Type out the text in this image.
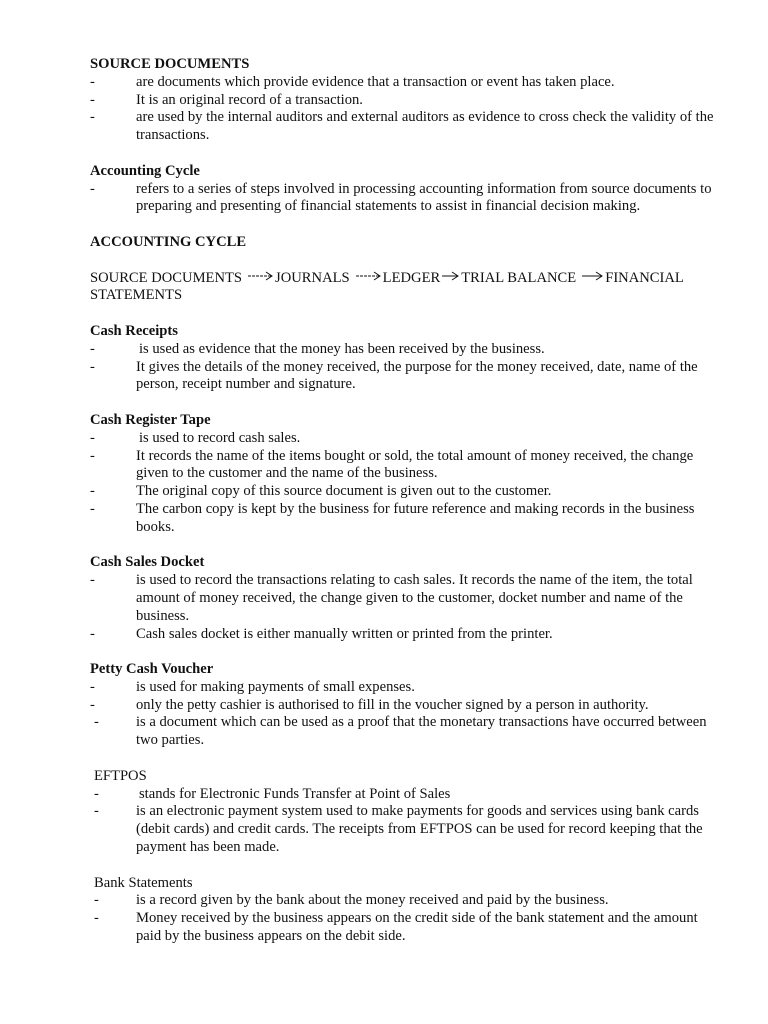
SOURCE DOCUMENTS
-	are documents which provide evidence that a transaction or event has taken place.
-	It is an original record of a transaction.
-	are used by the internal auditors and external auditors as evidence to cross check the validity of the transactions.
Accounting Cycle
-	refers to a series of steps involved in processing accounting information from source documents to preparing and presenting of financial statements to assist in financial decision making.
ACCOUNTING CYCLE
SOURCE DOCUMENTS JOURNALS LEDGER TRIAL BALANCE FINANCIAL STATEMENTS
Cash Receipts
-	is used as evidence that the money has been received by the business.
-	It gives the details of the money received, the purpose for the money received, date, name of the person, receipt number and signature.
Cash Register Tape
-	is used to record cash sales.
-	It records the name of the items bought or sold, the total amount of money received, the change given to the customer and the name of the business.
-	The original copy of this source document is given out to the customer.
-	The carbon copy is kept by the business for future reference and making records in the business books.
Cash Sales Docket
-	is used to record the transactions relating to cash sales. It records the name of the item, the total amount of money received, the change given to the customer, docket number and name of the business.
-	Cash sales docket is either manually written or printed from the printer.
Petty Cash Voucher
-	is used for making payments of small expenses.
-	only the petty cashier is authorised to fill in the voucher signed by a person in authority.
-	is a document which can be used as a proof that the monetary transactions have occurred between two parties.
EFTPOS
-	stands for Electronic Funds Transfer at Point of Sales
-	is an electronic payment system used to make payments for goods and services using bank cards (debit cards) and credit cards. The receipts from EFTPOS can be used for record keeping that the payment has been made.
Bank Statements
-	is a record given by the bank about the money received and paid by the business.
-	Money received by the business appears on the credit side of the bank statement and the amount paid by the business appears on the debit side.
